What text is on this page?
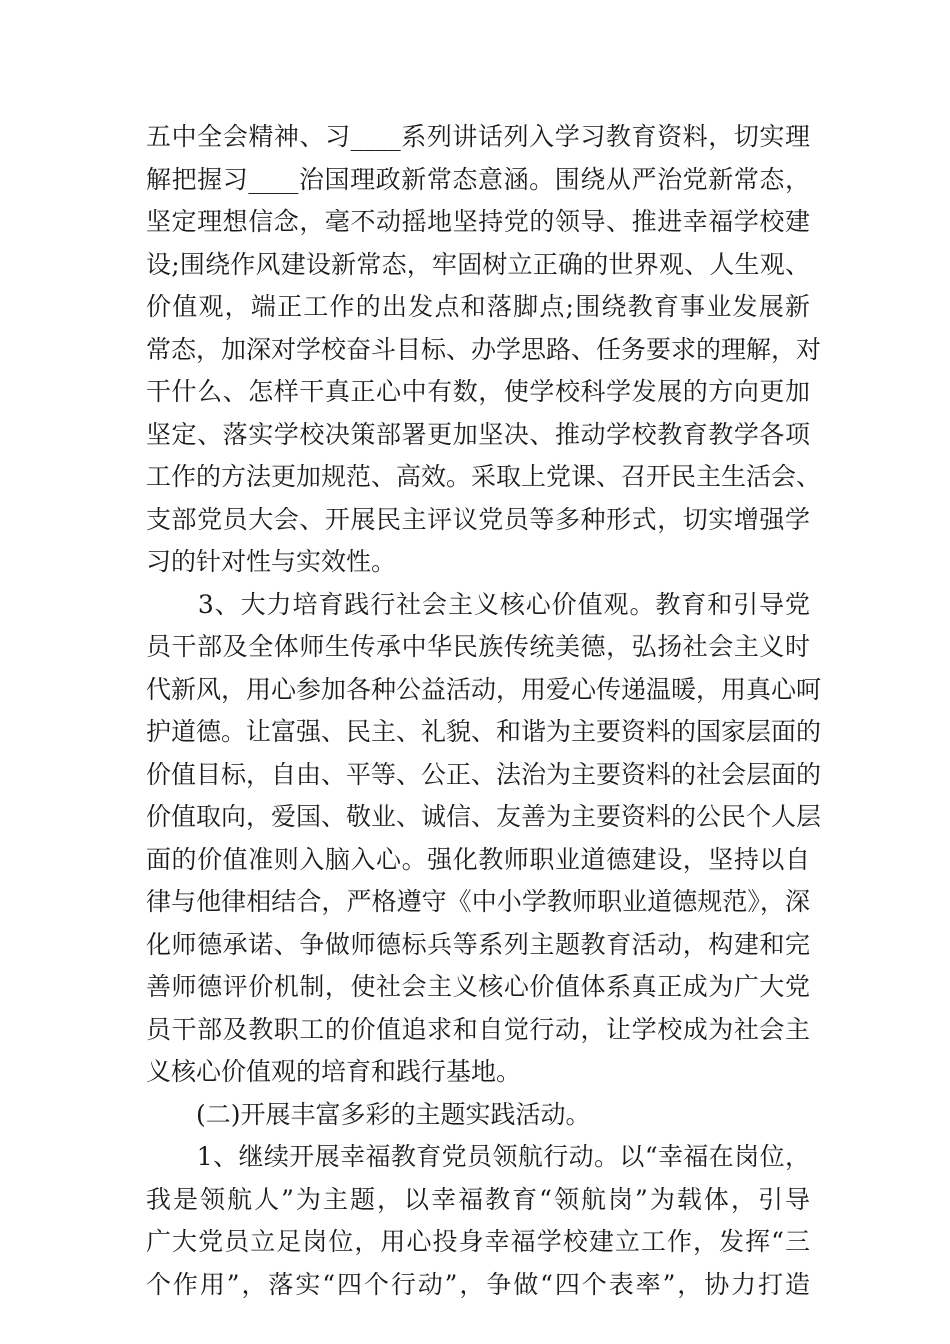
五中全会精神、习____系列讲话列入学习教育资料，切实理
解把握习____治国理政新常态意涵。围绕从严治党新常态，
坚定理想信念，毫不动摇地坚持党的领导、推进幸福学校建
设;围绕作风建设新常态，牢固树立正确的世界观、人生观、
价值观，端正工作的出发点和落脚点;围绕教育事业发展新
常态，加深对学校奋斗目标、办学思路、任务要求的理解，对
干什么、怎样干真正心中有数，使学校科学发展的方向更加
坚定、落实学校决策部署更加坚决、推动学校教育教学各项
工作的方法更加规范、高效。采取上党课、召开民主生活会、
支部党员大会、开展民主评议党员等多种形式，切实增强学
习的针对性与实效性。
　　3、大力培育践行社会主义核心价值观。教育和引导党
员干部及全体师生传承中华民族传统美德，弘扬社会主义时
代新风，用心参加各种公益活动，用爱心传递温暖，用真心呵
护道德。让富强、民主、礼貌、和谐为主要资料的国家层面的
价值目标，自由、平等、公正、法治为主要资料的社会层面的
价值取向，爱国、敬业、诚信、友善为主要资料的公民个人层
面的价值准则入脑入心。强化教师职业道德建设，坚持以自
律与他律相结合，严格遵守《中小学教师职业道德规范》，深
化师德承诺、争做师德标兵等系列主题教育活动，构建和完
善师德评价机制，使社会主义核心价值体系真正成为广大党
员干部及教职工的价值追求和自觉行动，让学校成为社会主
义核心价值观的培育和践行基地。
　　(二)开展丰富多彩的主题实践活动。
　　1、继续开展幸福教育党员领航行动。以“幸福在岗位，
我是领航人”为主题，以幸福教育“领航岗”为载体，引导
广大党员立足岗位，用心投身幸福学校建立工作，发挥“三
个作用”，落实“四个行动”，争做“四个表率”，协力打造
